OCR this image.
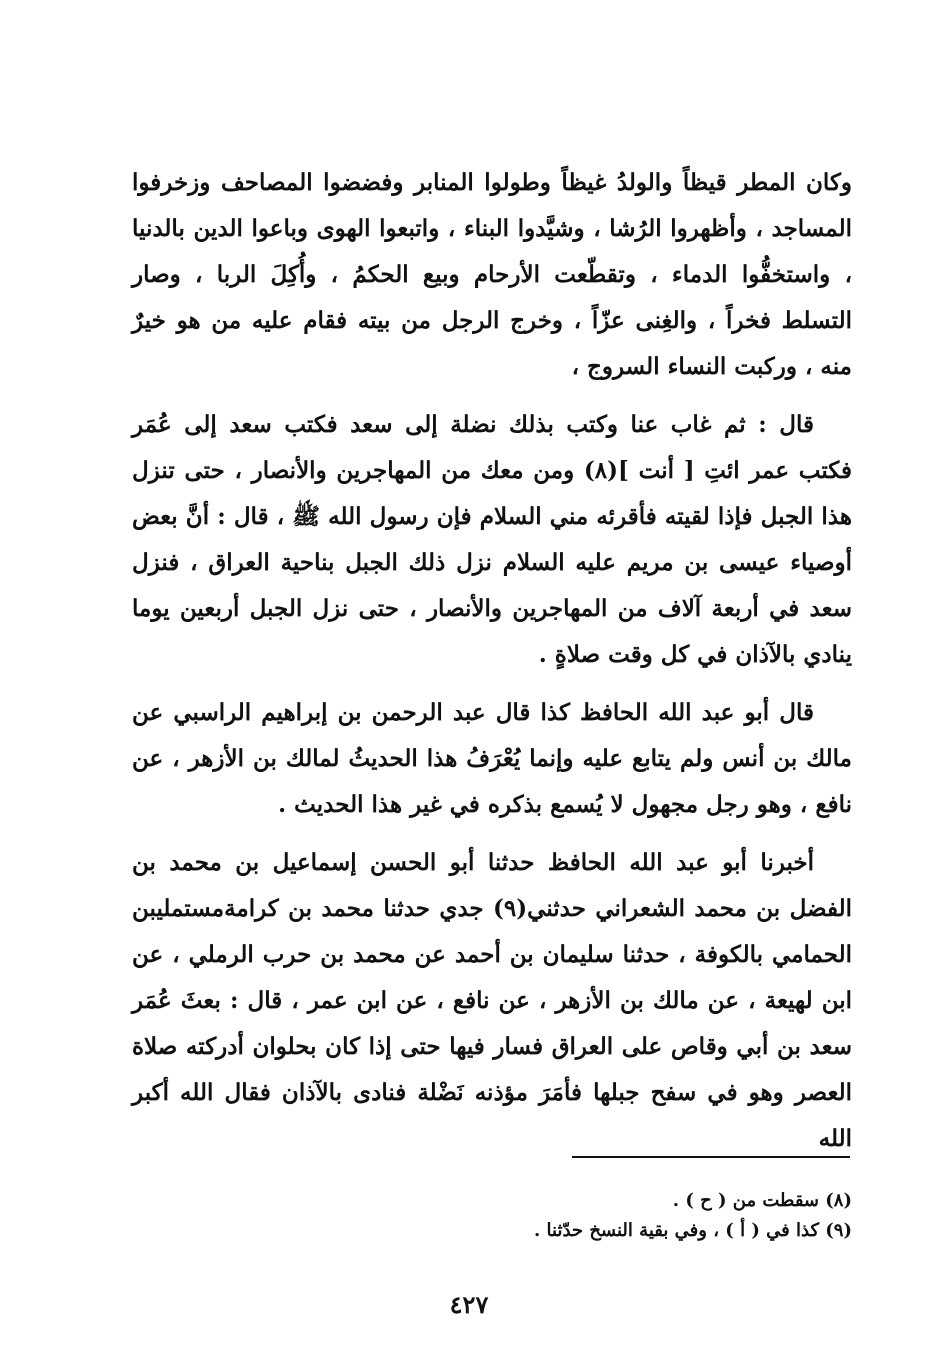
وكان المطر قيظاً والولدُ غيظاً وطولوا المنابر وفضضوا المصاحف وزخرفوا المساجد ، وأظهروا الرُشا ، وشيَّدوا البناء ، واتبعوا الهوى وباعوا الدين بالدنيا ، واستخفُّوا الدماء ، وتقطّعت الأرحام وبيع الحكمُ ، وأُكِلَ الربا ، وصار التسلط فخراً ، والغِنى عزّاً ، وخرج الرجل من بيته فقام عليه من هو خيرٌ منه ، وركبت النساء السروج ،

قال : ثم غاب عنا وكتب بذلك نضلة إلى سعد فكتب سعد إلى عُمَر فكتب عمر ائتِ [ أنت ](٨) ومن معك من المهاجرين والأنصار ، حتى تنزل هذا الجبل فإذا لقيته فأقرئه مني السلام فإن رسول الله ﷺ ، قال : أنَّ بعض أوصياء عيسى بن مريم عليه السلام نزل ذلك الجبل بناحية العراق ، فنزل سعد في أربعة آلاف من المهاجرين والأنصار ، حتى نزل الجبل أربعين يوما ينادي بالآذان في كل وقت صلاةٍ .

قال أبو عبد الله الحافظ كذا قال عبد الرحمن بن إبراهيم الراسبي عن مالك بن أنس ولم يتابع عليه وإنما يُعْرَفُ هذا الحديثُ لمالك بن الأزهر ، عن نافع ، وهو رجل مجهول لا يُسمع بذكره في غير هذا الحديث .

أخبرنا أبو عبد الله الحافظ حدثنا أبو الحسن إسماعيل بن محمد بن الفضل بن محمد الشعراني حدثني(٩) جدي حدثنا محمد بن كرامةمستمليبن الحمامي بالكوفة ، حدثنا سليمان بن أحمد عن محمد بن حرب الرملي ، عن ابن لهيعة ، عن مالك بن الأزهر ، عن نافع ، عن ابن عمر ، قال : بعثَ عُمَر سعد بن أبي وقاص على العراق فسار فيها حتى إذا كان بحلوان أدركته صلاة العصر وهو في سفح جبلها فأمَرَ مؤذنه نَضْلة فنادى بالآذان فقال الله أكبر الله

(٨) سقطت من ( ح ) .

(٩) كذا في ( أ ) ، وفي بقية النسخ حدّثنا .

٤٢٧
